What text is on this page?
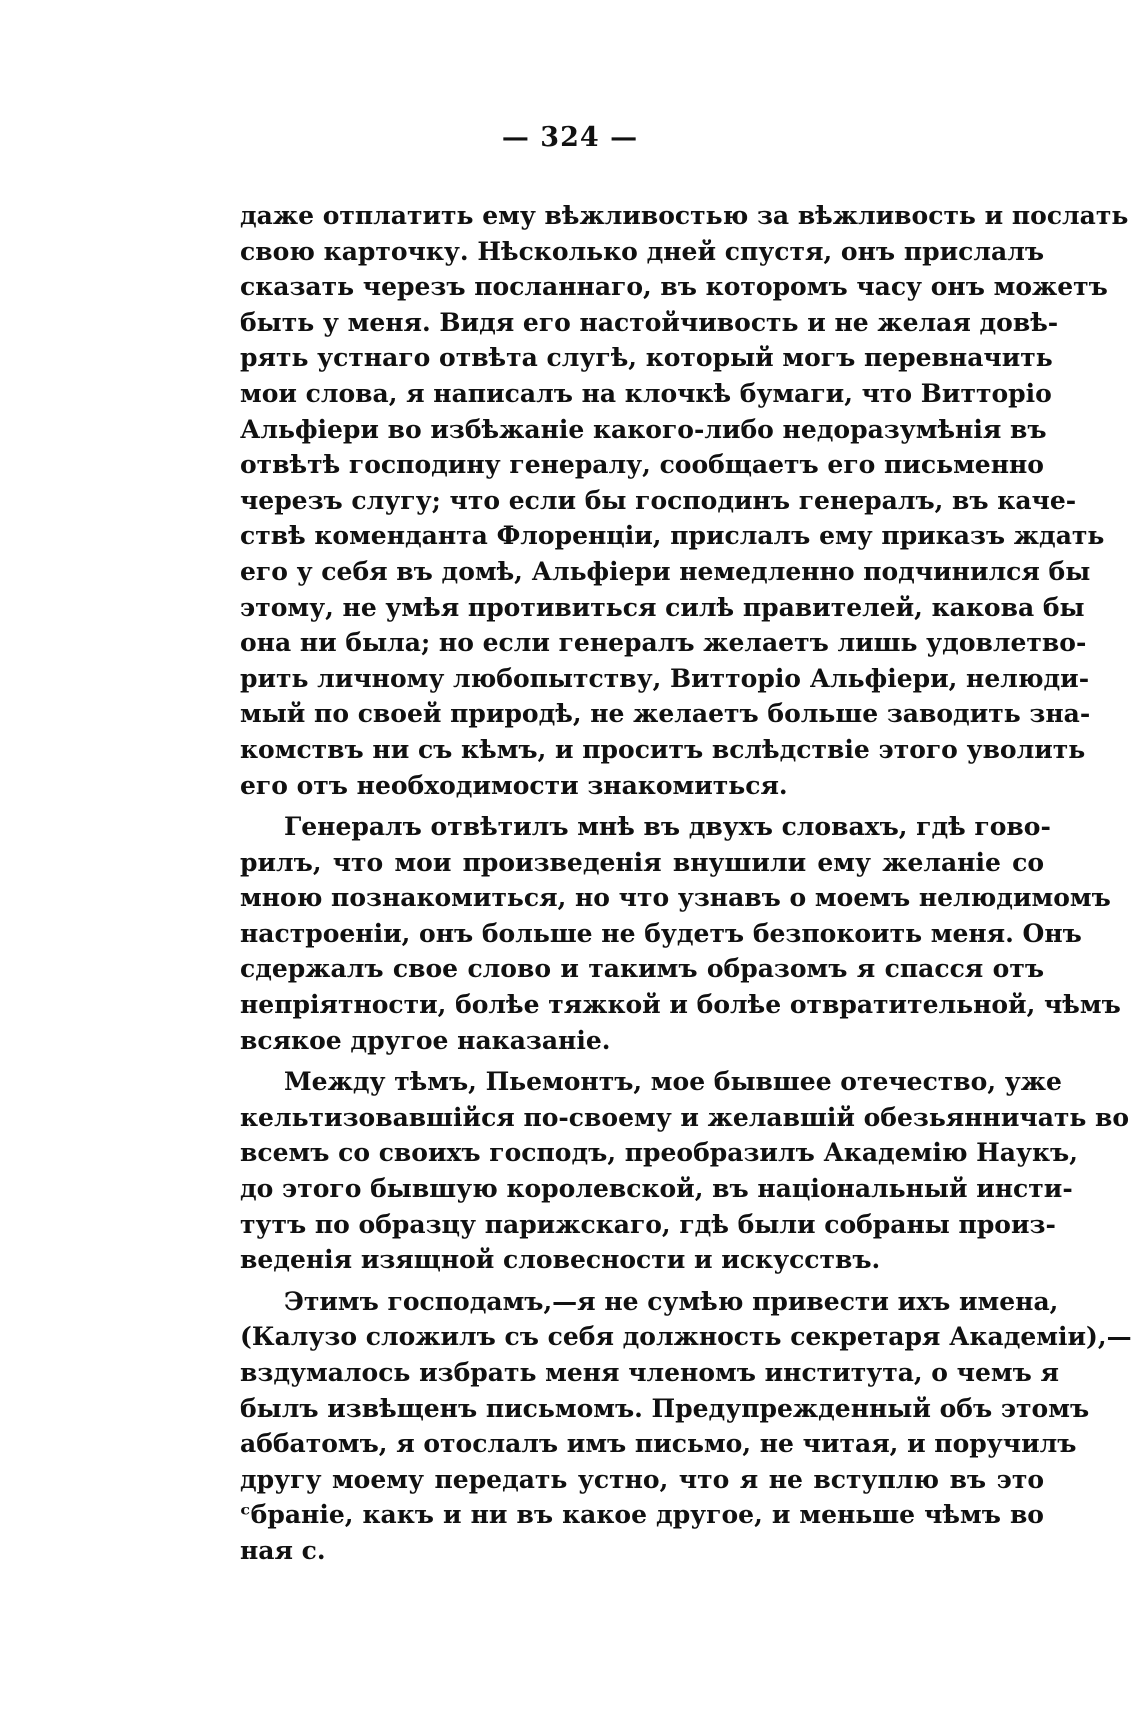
— 324 —
даже отплатить ему вѣжливостью за вѣжливость и послать
свою карточку. Нѣсколько дней спустя, онъ прислалъ
сказать черезъ посланнаго, въ которомъ часу онъ можетъ
быть у меня. Видя его настойчивость и не желая довѣ-
рять устнаго отвѣта слугѣ, который могъ перевначить
мои слова, я написалъ на клочкѣ бумаги, что Витторіо
Альфіери во избѣжаніе какого-либо недоразумѣнія въ
отвѣтѣ господину генералу, сообщаетъ его письменно
черезъ слугу; что если бы господинъ генералъ, въ каче-
ствѣ коменданта Флоренціи, прислалъ ему приказъ ждать
его у себя въ домѣ, Альфіери немедленно подчинился бы
этому, не умѣя противиться силѣ правителей, какова бы
она ни была; но если генералъ желаетъ лишь удовлетво-
рить личному любопытству, Витторіо Альфіери, нелюди-
мый по своей природѣ, не желаетъ больше заводить зна-
комствъ ни съ кѣмъ, и проситъ вслѣдствіе этого уволить
его отъ необходимости знакомиться.
Генералъ отвѣтилъ мнѣ въ двухъ словахъ, гдѣ гово-
рилъ, что мои произведенія внушили ему желаніе со
мною познакомиться, но что узнавъ о моемъ нелюдимомъ
настроеніи, онъ больше не будетъ безпокоить меня. Онъ
сдержалъ свое слово и такимъ образомъ я спасся отъ
непріятности, болѣе тяжкой и болѣе отвратительной, чѣмъ
всякое другое наказаніе.
Между тѣмъ, Пьемонтъ, мое бывшее отечество, уже
кельтизовавшійся по-своему и желавшій обезьянничать во
всемъ со своихъ господъ, преобразилъ Академію Наукъ,
до этого бывшую королевской, въ національный инсти-
тутъ по образцу парижскаго, гдѣ были собраны произ-
веденія изящной словесности и искусствъ.
Этимъ господамъ,—я не сумѣю привести ихъ имена,
(Калузо сложилъ съ себя должность секретаря Академіи),—
вздумалось избрать меня членомъ института, о чемъ я
былъ извѣщенъ письмомъ. Предупрежденный объ этомъ
аббатомъ, я отослалъ имъ письмо, не читая, и поручилъ
другу моему передать устно, что я не вступлю въ это
ᶜбраніе, какъ и ни въ какое другое, и меньше чѣмъ во
ная с.
